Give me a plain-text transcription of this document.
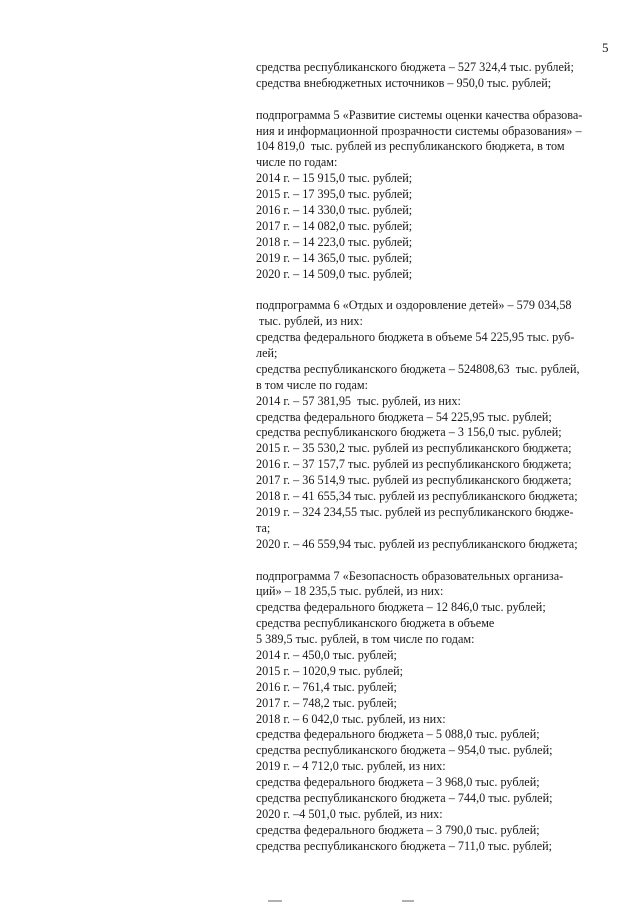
5
средства республиканского бюджета – 527 324,4 тыс. рублей;
средства внебюджетных источников – 950,0 тыс. рублей;
подпрограмма 5 «Развитие системы оценки качества образова-
ния и информационной прозрачности системы образования» –
104 819,0  тыс. рублей из республиканского бюджета, в том
числе по годам:
2014 г. – 15 915,0 тыс. рублей;
2015 г. – 17 395,0 тыс. рублей;
2016 г. – 14 330,0 тыс. рублей;
2017 г. – 14 082,0 тыс. рублей;
2018 г. – 14 223,0 тыс. рублей;
2019 г. – 14 365,0 тыс. рублей;
2020 г. – 14 509,0 тыс. рублей;
подпрограмма 6 «Отдых и оздоровление детей» – 579 034,58
тыс. рублей, из них:
средства федерального бюджета в объеме 54 225,95 тыс. руб-
лей;
средства республиканского бюджета – 524808,63  тыс. рублей,
в том числе по годам:
2014 г. – 57 381,95  тыс. рублей, из них:
средства федерального бюджета – 54 225,95 тыс. рублей;
средства республиканского бюджета – 3 156,0 тыс. рублей;
2015 г. – 35 530,2 тыс. рублей из республиканского бюджета;
2016 г. – 37 157,7 тыс. рублей из республиканского бюджета;
2017 г. – 36 514,9 тыс. рублей из республиканского бюджета;
2018 г. – 41 655,34 тыс. рублей из республиканского бюджета;
2019 г. – 324 234,55 тыс. рублей из республиканского бюдже-
та;
2020 г. – 46 559,94 тыс. рублей из республиканского бюджета;
подпрограмма 7 «Безопасность образовательных организа-
ций» – 18 235,5 тыс. рублей, из них:
средства федерального бюджета – 12 846,0 тыс. рублей;
средства республиканского бюджета в объеме
5 389,5 тыс. рублей, в том числе по годам:
2014 г. – 450,0 тыс. рублей;
2015 г. – 1020,9 тыс. рублей;
2016 г. – 761,4 тыс. рублей;
2017 г. – 748,2 тыс. рублей;
2018 г. – 6 042,0 тыс. рублей, из них:
средства федерального бюджета – 5 088,0 тыс. рублей;
средства республиканского бюджета – 954,0 тыс. рублей;
2019 г. – 4 712,0 тыс. рублей, из них:
средства федерального бюджета – 3 968,0 тыс. рублей;
средства республиканского бюджета – 744,0 тыс. рублей;
2020 г. –4 501,0 тыс. рублей, из них:
средства федерального бюджета – 3 790,0 тыс. рублей;
средства республиканского бюджета – 711,0 тыс. рублей;
